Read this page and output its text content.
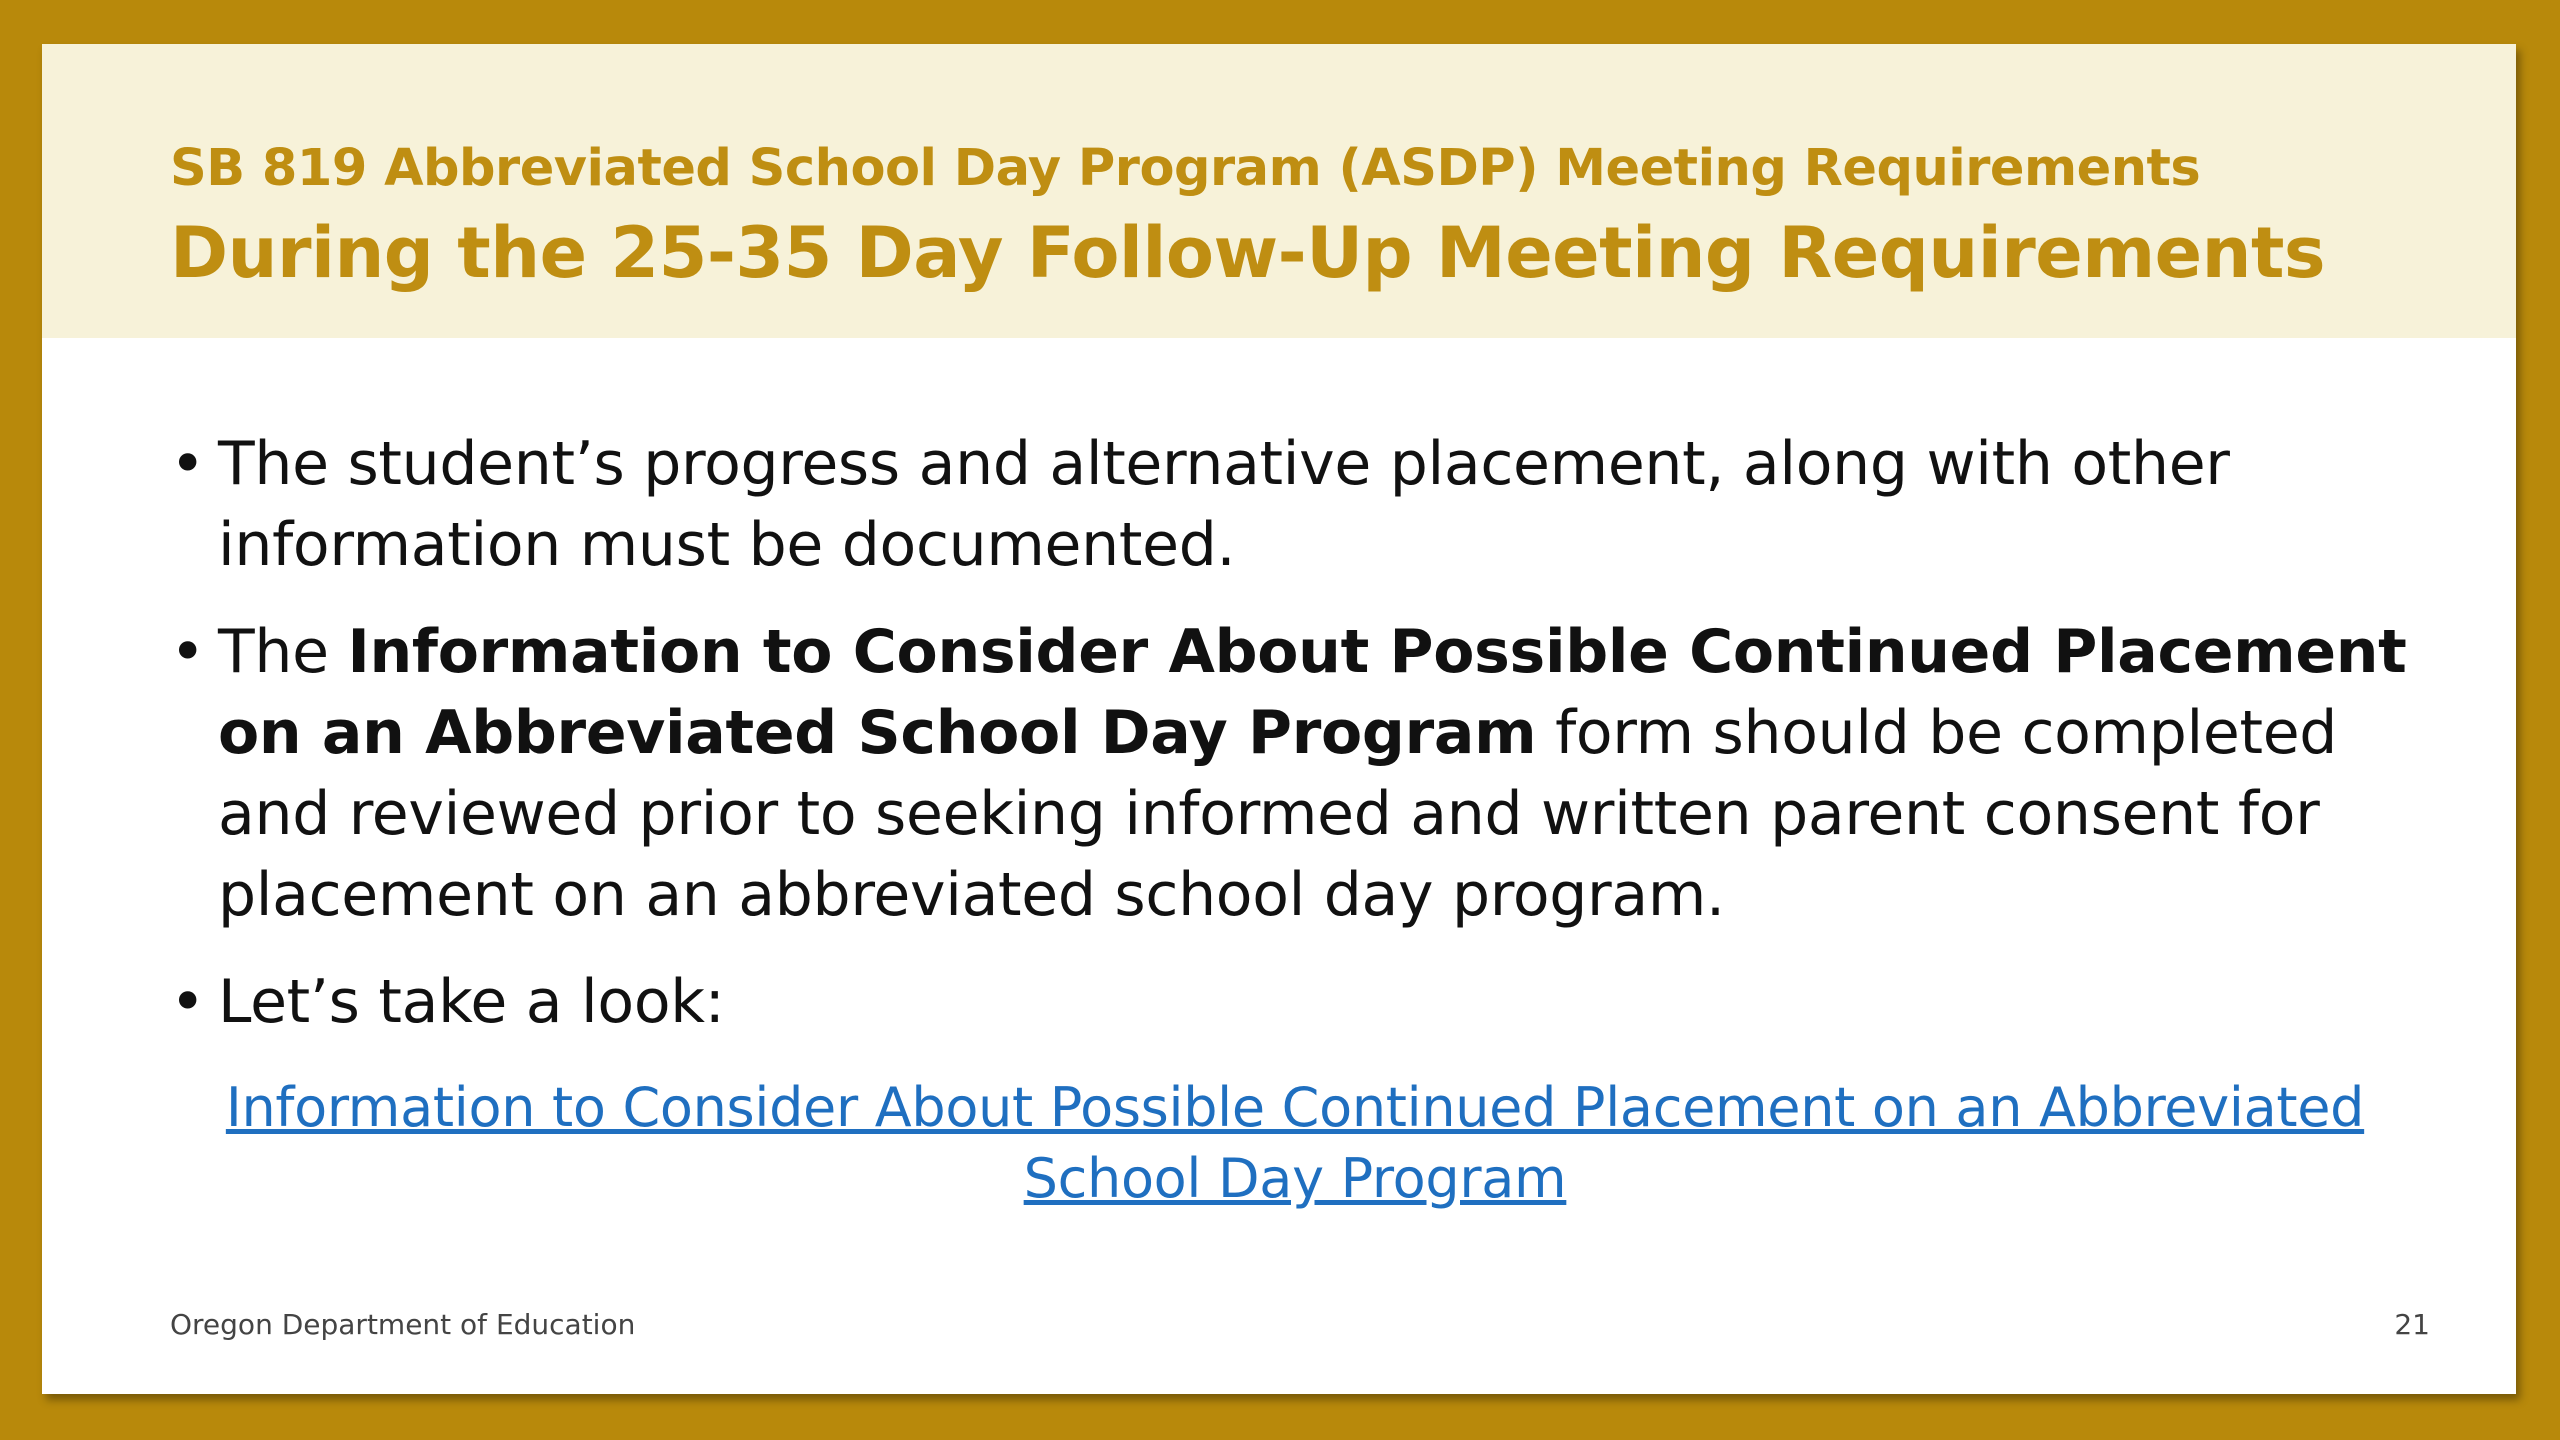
SB 819 Abbreviated School Day Program (ASDP) Meeting Requirements
During the 25-35 Day Follow-Up Meeting Requirements
• The student’s progress and alternative placement, along with other information must be documented.
• The Information to Consider About Possible Continued Placement on an Abbreviated School Day Program form should be completed and reviewed prior to seeking informed and written parent consent for placement on an abbreviated school day program.
• Let’s take a look:
Information to Consider About Possible Continued Placement on an Abbreviated School Day Program
Oregon Department of Education	21
